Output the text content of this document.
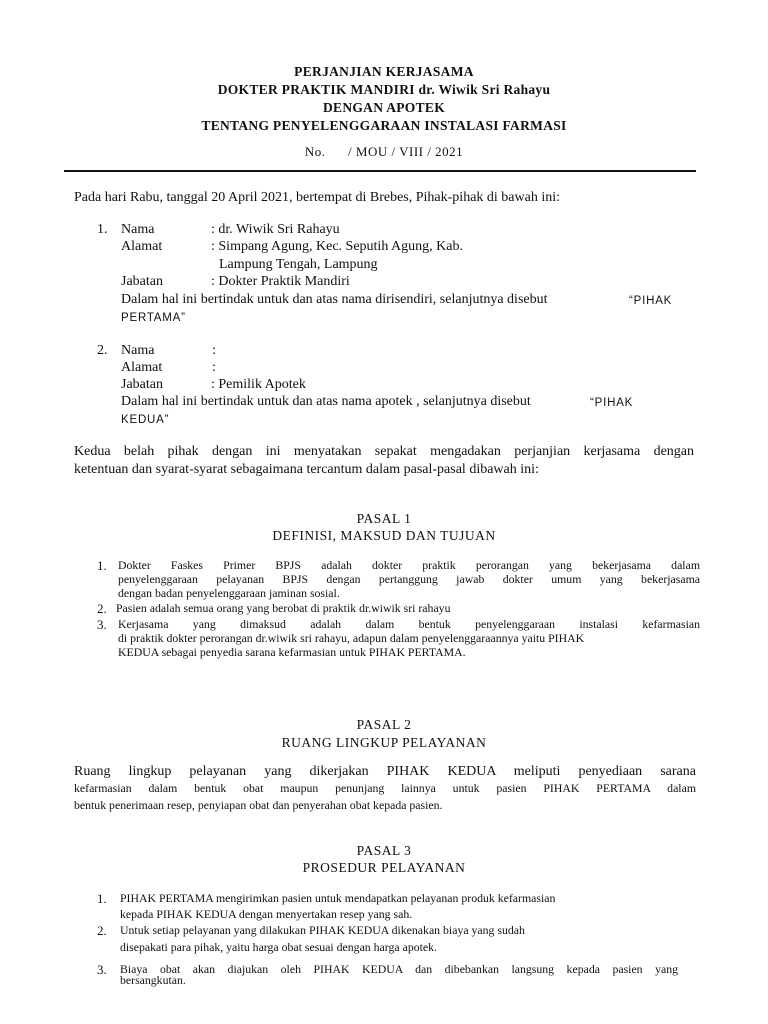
PERJANJIAN KERJASAMA
DOKTER PRAKTIK MANDIRI dr. Wiwik Sri Rahayu
DENGAN APOTEK
TENTANG PENYELENGGARAAN INSTALASI FARMASI
No.      / MOU / VIII / 2021
Pada hari Rabu, tanggal 20 April 2021, bertempat di Brebes, Pihak-pihak di bawah ini:
1. Nama	: dr. Wiwik Sri Rahayu
Alamat	: Simpang Agung, Kec. Seputih Agung, Kab.
Lampung Tengah, Lampung
Jabatan	: Dokter Praktik Mandiri
Dalam hal ini bertindak untuk dan atas nama dirisendiri, selanjutnya disebut	“PIHAK
PERTAMA”
2. Nama	:
Alamat	:
Jabatan	: Pemilik Apotek
Dalam hal ini bertindak untuk dan atas nama apotek , selanjutnya disebut	“PIHAK
KEDUA”
Kedua belah pihak dengan ini menyatakan sepakat mengadakan perjanjian kerjasama dengan
ketentuan dan syarat-syarat sebagaimana tercantum dalam pasal-pasal dibawah ini:
PASAL 1
DEFINISI, MAKSUD DAN TUJUAN
1. Dokter Faskes Primer BPJS adalah dokter praktik perorangan yang bekerjasama dalam
penyelenggaraan pelayanan BPJS dengan pertanggung jawab dokter umum yang bekerjasama
dengan badan penyelenggaraan jaminan sosial.
2. Pasien adalah semua orang yang berobat di praktik dr.wiwik sri rahayu
3. Kerjasama yang dimaksud adalah dalam bentuk penyelenggaraan instalasi kefarmasian
di praktik dokter perorangan dr.wiwik sri rahayu, adapun dalam penyelenggaraannya yaitu PIHAK
KEDUA sebagai penyedia sarana kefarmasian untuk PIHAK PERTAMA.
PASAL 2
RUANG LINGKUP PELAYANAN
Ruang lingkup pelayanan yang dikerjakan PIHAK KEDUA meliputi penyediaan sarana
kefarmasian dalam bentuk obat maupun penunjang lainnya untuk pasien PIHAK PERTAMA dalam
bentuk penerimaan resep, penyiapan obat dan penyerahan obat kepada pasien.
PASAL 3
PROSEDUR PELAYANAN
1. PIHAK PERTAMA mengirimkan pasien untuk mendapatkan pelayanan produk kefarmasian
kepada PIHAK KEDUA dengan menyertakan resep yang sah.
2. Untuk setiap pelayanan yang dilakukan PIHAK KEDUA dikenakan biaya yang sudah
disepakati para pihak, yaitu harga obat sesuai dengan harga apotek.
3. Biaya obat akan diajukan oleh PIHAK KEDUA dan dibebankan langsung kepada pasien yang
bersangkutan.
